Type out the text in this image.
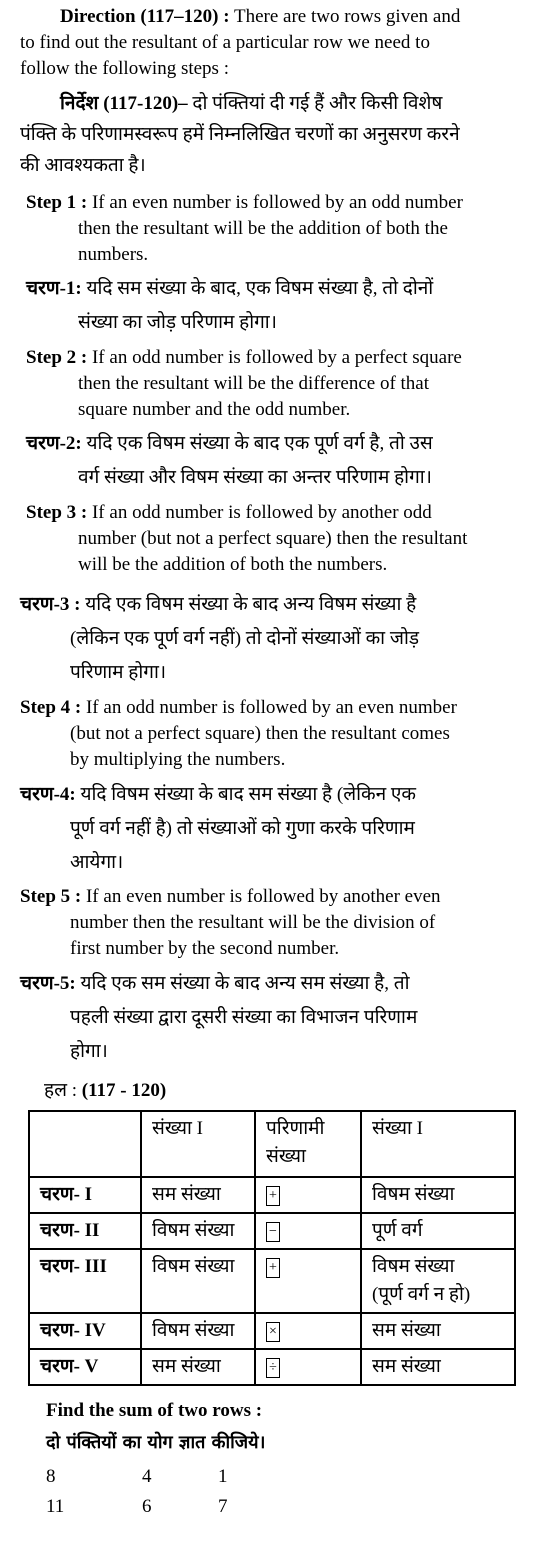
Direction (117–120) : There are two rows given and
to find out the resultant of a particular row we need to
follow the following steps :
निर्देश (117-120)– दो पंक्तियां दी गई हैं और किसी विशेष
पंक्ति के परिणामस्वरूप हमें निम्नलिखित चरणों का अनुसरण करने
की आवश्यकता है।
Step 1 : If an even number is followed by an odd number
then the resultant will be the addition of both the
numbers.
चरण-1: यदि सम संख्या के बाद, एक विषम संख्या है, तो दोनों
संख्या का जोड़ परिणाम होगा।
Step 2 : If an odd number is followed by a perfect square
then the resultant will be the difference of that
square number and the odd number.
चरण-2: यदि एक विषम संख्या के बाद एक पूर्ण वर्ग है, तो उस
वर्ग संख्या और विषम संख्या का अन्तर परिणाम होगा।
Step 3 : If an odd number is followed by another odd
number (but not a perfect square) then the resultant
will be the addition of both the numbers.
चरण-3 : यदि एक विषम संख्या के बाद अन्य विषम संख्या है
(लेकिन एक पूर्ण वर्ग नहीं) तो दोनों संख्याओं का जोड़
परिणाम होगा।
Step 4 : If an odd number is followed by an even number
(but not a perfect square) then the resultant comes
by multiplying the numbers.
चरण-4: यदि विषम संख्या के बाद सम संख्या है (लेकिन एक
पूर्ण वर्ग नहीं है) तो संख्याओं को गुणा करके परिणाम
आयेगा।
Step 5 : If an even number is followed by another even
number then the resultant will be the division of
first number by the second number.
चरण-5: यदि एक सम संख्या के बाद अन्य सम संख्या है, तो
पहली संख्या द्वारा दूसरी संख्या का विभाजन परिणाम
होगा।
हल : (117 - 120)
	संख्या I	परिणामी संख्या	संख्या I
चरण- I	सम संख्या	+	विषम संख्या
चरण- II	विषम संख्या	−	पूर्ण वर्ग
चरण- III	विषम संख्या	+	विषम संख्या
(पूर्ण वर्ग न हो)

चरण- IV	विषम संख्या	×	सम संख्या
चरण- V	सम संख्या	÷	सम संख्या
Find the sum of two rows :
दो पंक्तियों का योग ज्ञात कीजिये।
8	4	1
11	6	7
